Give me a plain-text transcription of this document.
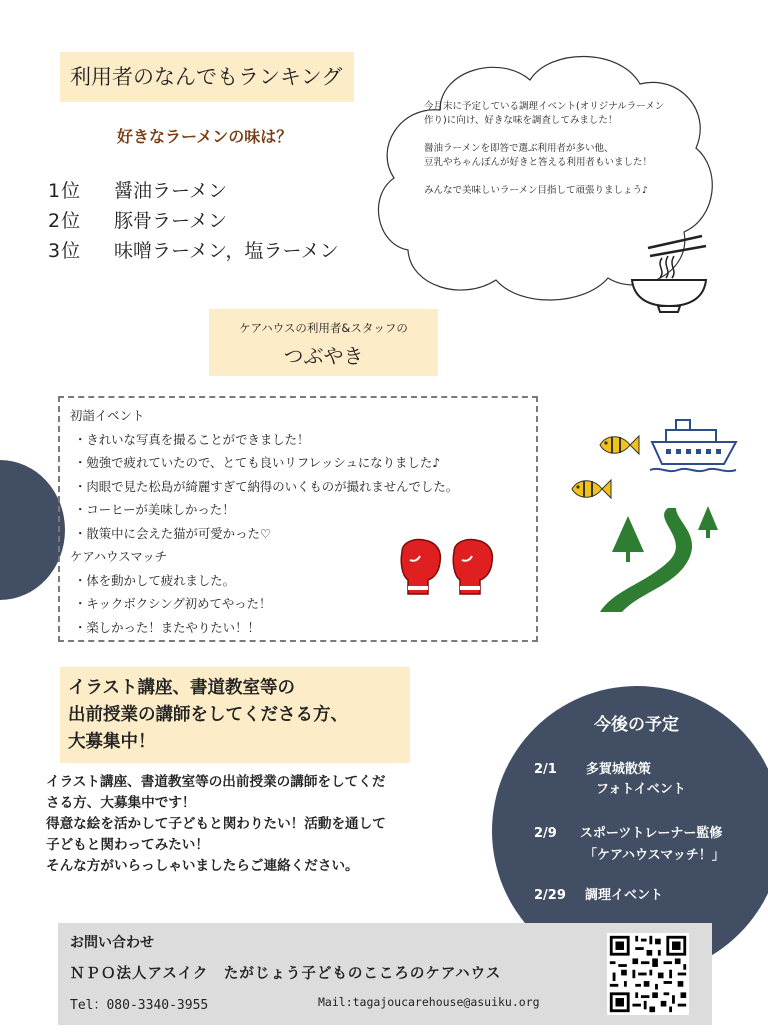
利用者のなんでもランキング
好きなラーメンの味は？
1位	醤油ラーメン
2位	豚骨ラーメン
3位	味噌ラーメン，塩ラーメン

今月末に予定している調理イベント(オリジナルラーメン
作り)に向け、好きな味を調査してみました！

醤油ラーメンを即答で選ぶ利用者が多い他、
豆乳やちゃんぽんが好きと答える利用者もいました！

みんなで美味しいラーメン目指して頑張りましょう♪

ケアハウスの利用者&スタッフの
つぶやき
初詣イベント
・きれいな写真を撮ることができました！
・勉強で疲れていたので、とても良いリフレッシュになりました♪
・肉眼で見た松島が綺麗すぎて納得のいくものが撮れませんでした。
・コーヒーが美味しかった！
・散策中に会えた猫が可愛かった♡
ケアハウスマッチ
・体を動かして疲れました。
・キックボクシング初めてやった！
・楽しかった！またやりたい！！
イラスト講座、書道教室等の
出前授業の講師をしてくださる方、
大募集中！
イラスト講座、書道教室等の出前授業の講師をしてくだ
さる方、大募集中です！
得意な絵を活かして子どもと関わりたい！活動を通して
子どもと関わってみたい！
そんな方がいらっしゃいましたらご連絡ください。
今後の予定
2/1 多賀城散策
フォトイベント
2/9 スポーツトレーナー監修
「ケアハウスマッチ！」
2/29 調理イベント
お問い合わせ
ＮＰＯ法人アスイク　たがじょう子どものこころのケアハウス
Tel：080-3340-3955	Mail:tagajoucarehouse@asuiku.org
